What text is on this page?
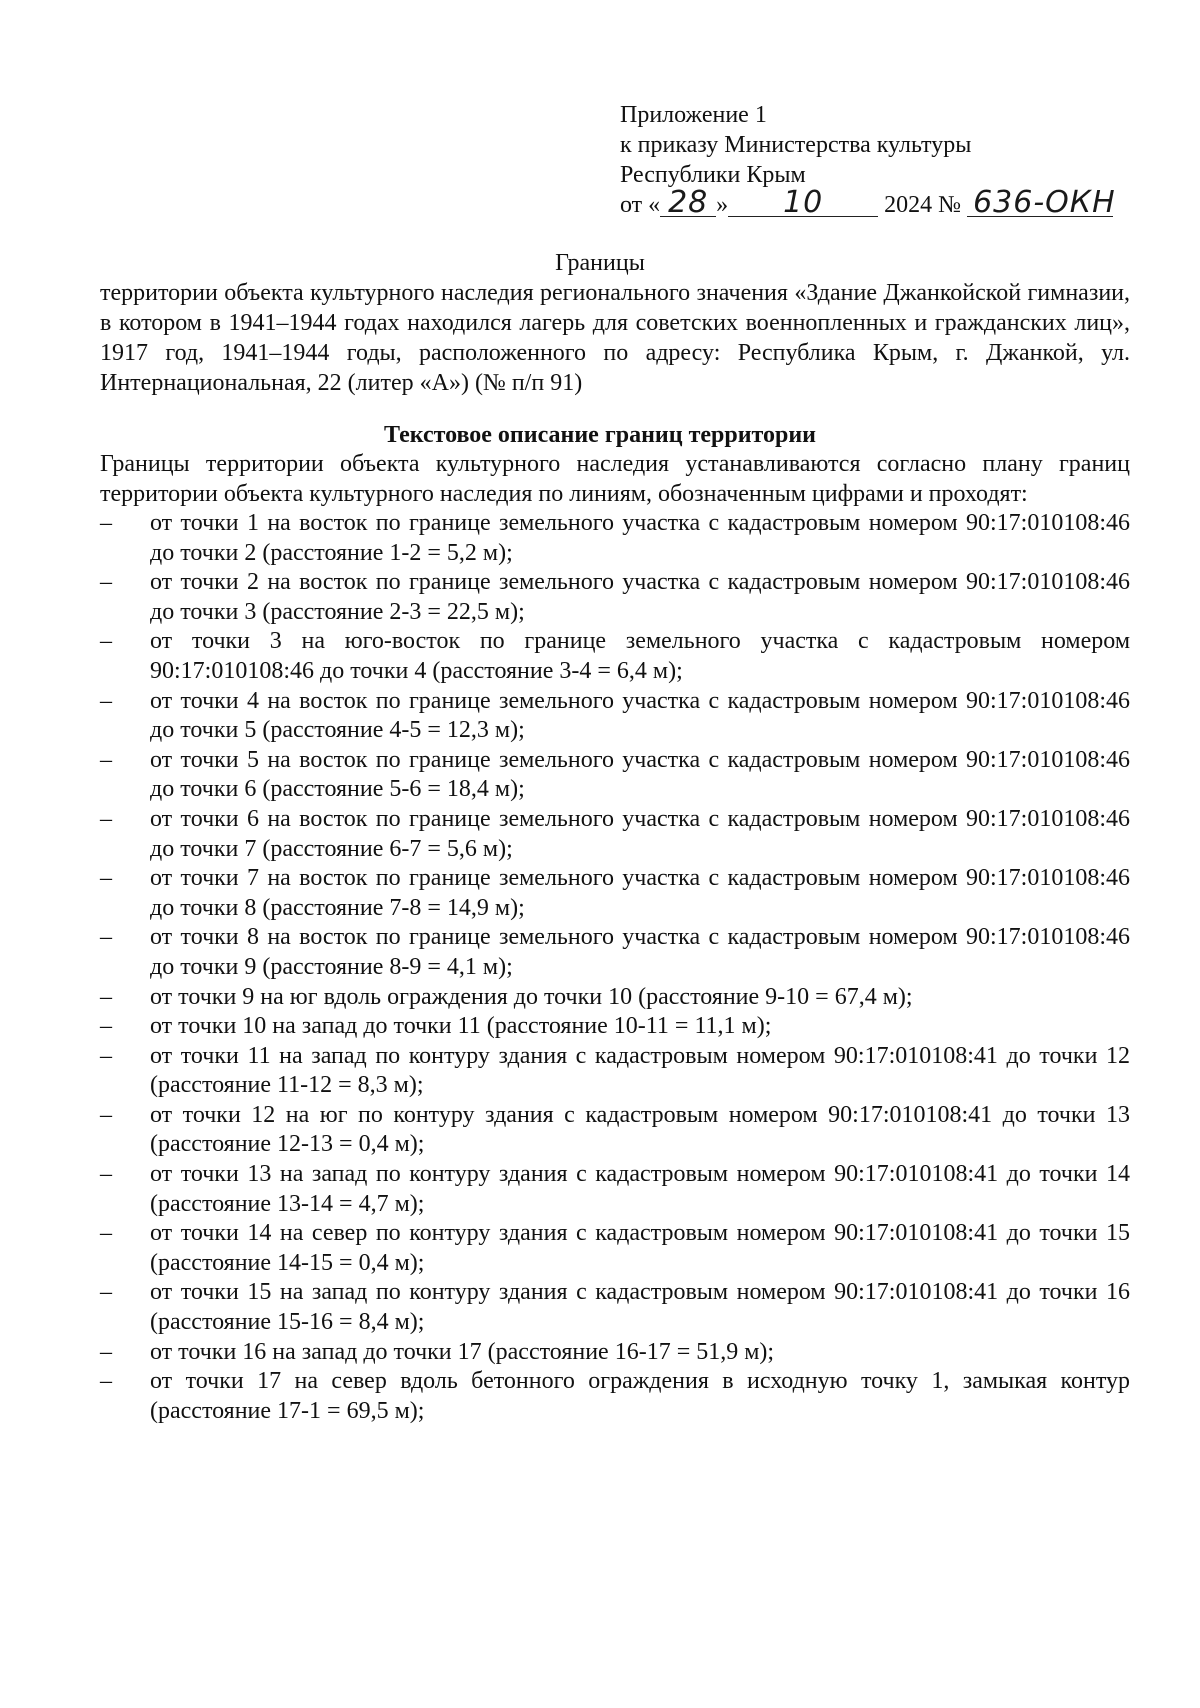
Приложение 1
к приказу Министерства культуры
Республики Крым
от « 28 » 10	2024 № 636-ОКН
Границы
территории объекта культурного наследия регионального значения «Здание Джанкойской гимназии, в котором в 1941–1944 годах находился лагерь для советских военнопленных и гражданских лиц», 1917 год, 1941–1944 годы, расположенного по адресу: Республика Крым, г. Джанкой, ул. Интернациональная, 22 (литер «А») (№ п/п 91)
Текстовое описание границ территории
Границы территории объекта культурного наследия устанавливаются согласно плану границ территории объекта культурного наследия по линиям, обозначенным цифрами и проходят:
– от точки 1 на восток по границе земельного участка с кадастровым номером 90:17:010108:46 до точки 2 (расстояние 1-2 = 5,2 м);
– от точки 2 на восток по границе земельного участка с кадастровым номером 90:17:010108:46 до точки 3 (расстояние 2-3 = 22,5 м);
– от точки 3 на юго-восток по границе земельного участка с кадастровым номером 90:17:010108:46 до точки 4 (расстояние 3-4 = 6,4 м);
– от точки 4 на восток по границе земельного участка с кадастровым номером 90:17:010108:46 до точки 5 (расстояние 4-5 = 12,3 м);
– от точки 5 на восток по границе земельного участка с кадастровым номером 90:17:010108:46 до точки 6 (расстояние 5-6 = 18,4 м);
– от точки 6 на восток по границе земельного участка с кадастровым номером 90:17:010108:46 до точки 7 (расстояние 6-7 = 5,6 м);
– от точки 7 на восток по границе земельного участка с кадастровым номером 90:17:010108:46 до точки 8 (расстояние 7-8 = 14,9 м);
– от точки 8 на восток по границе земельного участка с кадастровым номером 90:17:010108:46 до точки 9 (расстояние 8-9 = 4,1 м);
– от точки 9 на юг вдоль ограждения до точки 10 (расстояние 9-10 = 67,4 м);
– от точки 10 на запад до точки 11 (расстояние 10-11 = 11,1 м);
– от точки 11 на запад по контуру здания с кадастровым номером 90:17:010108:41 до точки 12 (расстояние 11-12 = 8,3 м);
– от точки 12 на юг по контуру здания с кадастровым номером 90:17:010108:41 до точки 13 (расстояние 12-13 = 0,4 м);
– от точки 13 на запад по контуру здания с кадастровым номером 90:17:010108:41 до точки 14 (расстояние 13-14 = 4,7 м);
– от точки 14 на север по контуру здания с кадастровым номером 90:17:010108:41 до точки 15 (расстояние 14-15 = 0,4 м);
– от точки 15 на запад по контуру здания с кадастровым номером 90:17:010108:41 до точки 16 (расстояние 15-16 = 8,4 м);
– от точки 16 на запад до точки 17 (расстояние 16-17 = 51,9 м);
– от точки 17 на север вдоль бетонного ограждения в исходную точку 1, замыкая контур (расстояние 17-1 = 69,5 м);
